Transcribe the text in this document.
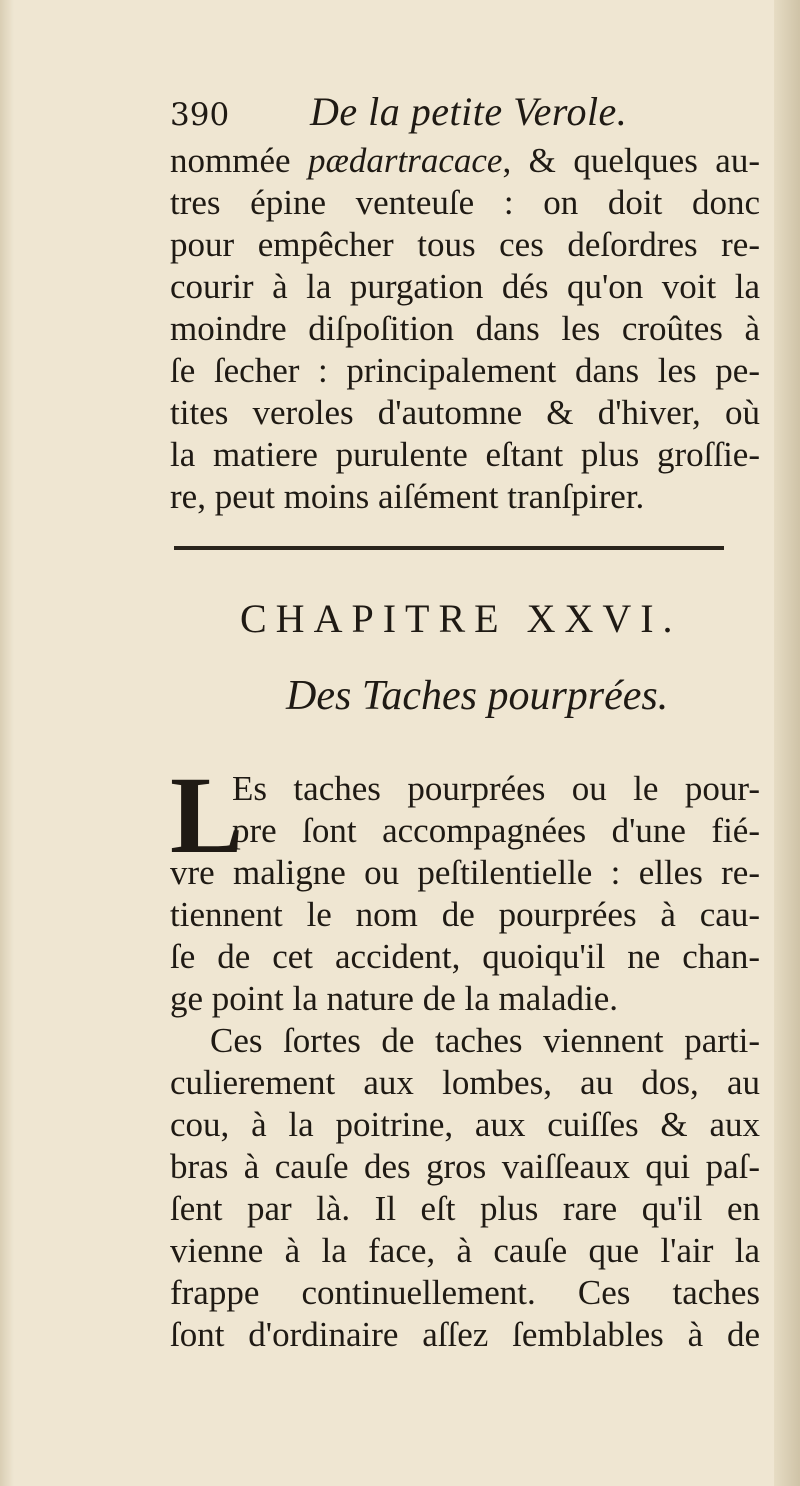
390	De la petite Verole.
nommée pædartracace, & quelques au-
tres épine venteuſe : on doit donc
pour empêcher tous ces deſordres re-
courir à la purgation dés qu'on voit la
moindre diſpoſition dans les croûtes à
ſe ſecher : principalement dans les pe-
tites veroles d'automne & d'hiver, où
la matiere purulente eſtant plus groſſie-
re, peut moins aiſément tranſpirer.
CHAPITRE XXVI.
Des Taches pourprées.
L
Es taches pourprées ou le pour-
pre ſont accompagnées d'une fié-
vre maligne ou peſtilentielle : elles re-
tiennent le nom de pourprées à cau-
ſe de cet accident, quoiqu'il ne chan-
ge point la nature de la maladie.
Ces ſortes de taches viennent parti-
culierement aux lombes, au dos, au
cou, à la poitrine, aux cuiſſes & aux
bras à cauſe des gros vaiſſeaux qui paſ-
ſent par là. Il eſt plus rare qu'il en
vienne à la face, à cauſe que l'air la
frappe continuellement. Ces taches
ſont d'ordinaire aſſez ſemblables à de
